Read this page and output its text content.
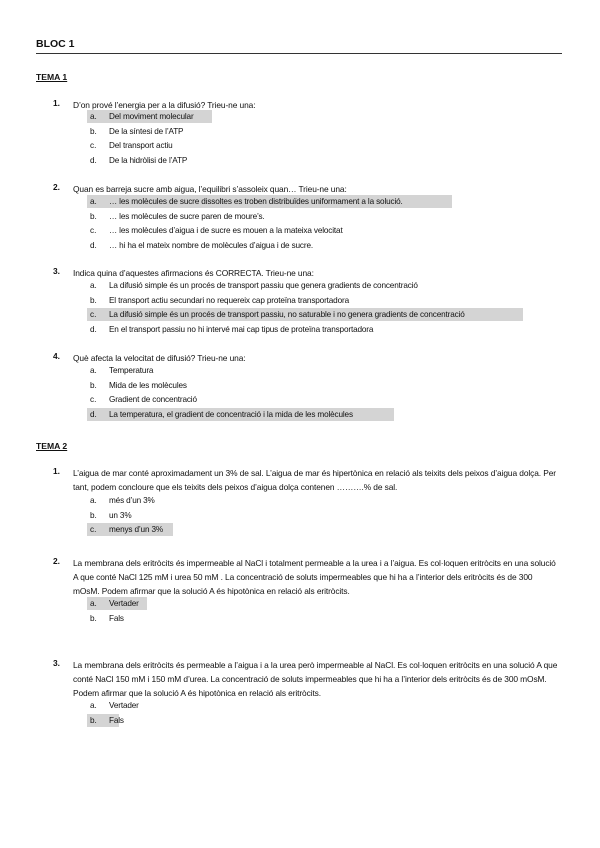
BLOC 1
TEMA 1
TEMA 2
1. D’on prové l’energia per a la difusió? Trieu-ne una:
a. Del moviment molecular
b. De la síntesi de l’ATP
c. Del transport actiu
d. De la hidròlisi de l’ATP
2. Quan es barreja sucre amb aigua, l’equilibri s’assoleix quan… Trieu-ne una:
a. … les molècules de sucre dissoltes es troben distribuïdes uniformament a la solució.
b. … les molècules de sucre paren de moure’s.
c. … les molècules d’aigua i de sucre es mouen a la mateixa velocitat
d. … hi ha el mateix nombre de molècules d’aigua i de sucre.
3. Indica quina d’aquestes afirmacions és CORRECTA. Trieu-ne una:
a. La difusió simple és un procés de transport passiu que genera gradients de concentració
b. El transport actiu secundari no requereix cap proteïna transportadora
c. La difusió simple és un procés de transport passiu, no saturable i no genera gradients de concentració
d. En el transport passiu no hi intervé mai cap tipus de proteïna transportadora
4. Què afecta la velocitat de difusió? Trieu-ne una:
a. Temperatura
b. Mida de les molècules
c. Gradient de concentració
d. La temperatura, el gradient de concentració i la mida de les molècules
1. L’aigua de mar conté aproximadament un 3% de sal. L’aigua de mar és hipertònica en relació als teixits dels peixos d’aigua dolça. Per tant, podem concloure que els teixits dels peixos d’aigua dolça contenen ……….% de sal.
a. més d’un 3%
b. un 3%
c. menys d’un 3%
2. La membrana dels eritròcits és impermeable al NaCl i totalment permeable a la urea i a l’aigua. Es col·loquen eritròcits en una solució A que conté NaCl 125 mM i urea 50 mM . La concentració de soluts impermeables que hi ha a l’interior dels eritròcits és de 300 mOsM. Podem afirmar que la solució A és hipotònica en relació als eritròcits.
a. Vertader
b. Fals
3. La membrana dels eritròcits és permeable a l’aigua i a la urea però impermeable al NaCl. Es col·loquen eritròcits en una solució A que conté NaCl 150 mM i 150 mM d’urea. La concentració de soluts impermeables que hi ha a l’interior dels eritròcits és de 300 mOsM. Podem afirmar que la solució A és hipotònica en relació als eritròcits.
a. Vertader
b. Fals
